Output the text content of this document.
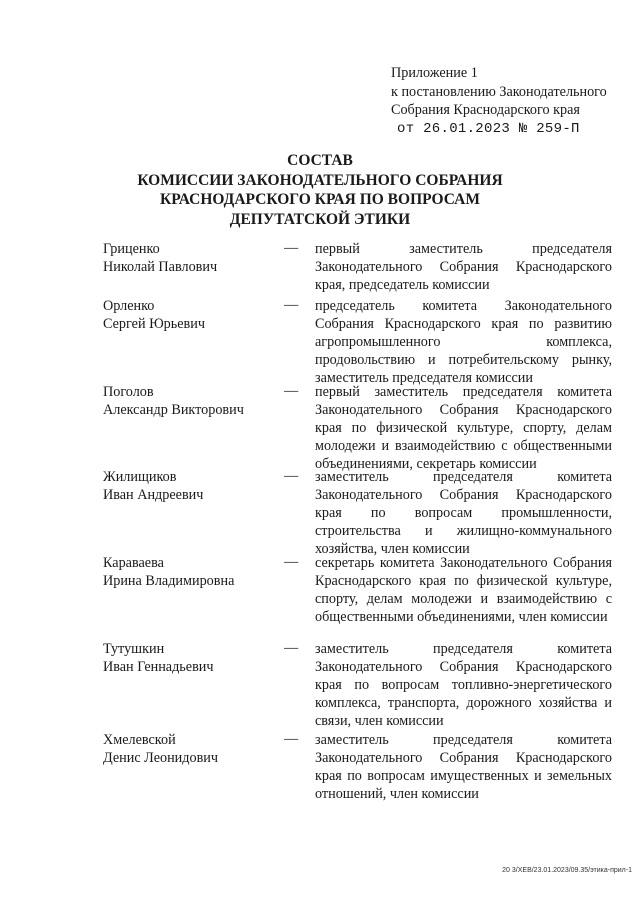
Приложение 1
к постановлению Законодательного
Собрания Краснодарского края
от 26.01.2023 № 259-П
СОСТАВ
КОМИССИИ ЗАКОНОДАТЕЛЬНОГО СОБРАНИЯ
КРАСНОДАРСКОГО КРАЯ ПО ВОПРОСАМ
ДЕПУТАТСКОЙ ЭТИКИ
Гриценко
Николай Павлович
— первый заместитель председателя Законодательного Собрания Краснодарского края, председатель комиссии

Орленко
Сергей Юрьевич
— председатель комитета Законодательного Собрания Краснодарского края по развитию агропромышленного комплекса, продовольствию и потребительскому рынку, заместитель председателя комиссии

Поголов
Александр Викторович
— первый заместитель председателя комитета Законодательного Собрания Краснодарского края по физической культуре, спорту, делам молодежи и взаимодействию с общественными объединениями, секретарь комиссии

Жилищиков
Иван Андреевич
— заместитель председателя комитета Законодательного Собрания Краснодарского края по вопросам промышленности, строительства и жилищно-коммунального хозяйства, член комиссии

Караваева
Ирина Владимировна
— секретарь комитета Законодательного Собрания Краснодарского края по физической культуре, спорту, делам молодежи и взаимодействию с общественными объединениями, член комиссии

Тутушкин
Иван Геннадьевич
— заместитель председателя комитета Законодательного Собрания Краснодарского края по вопросам топливно-энергетического комплекса, транспорта, дорожного хозяйства и связи, член комиссии

Хмелевской
Денис Леонидович
— заместитель председателя комитета Законодательного Собрания Краснодарского края по вопросам имущественных и земельных отношений, член комиссии

20 3/ХЕВ/23.01.2023/09.35/этика-прил-1
